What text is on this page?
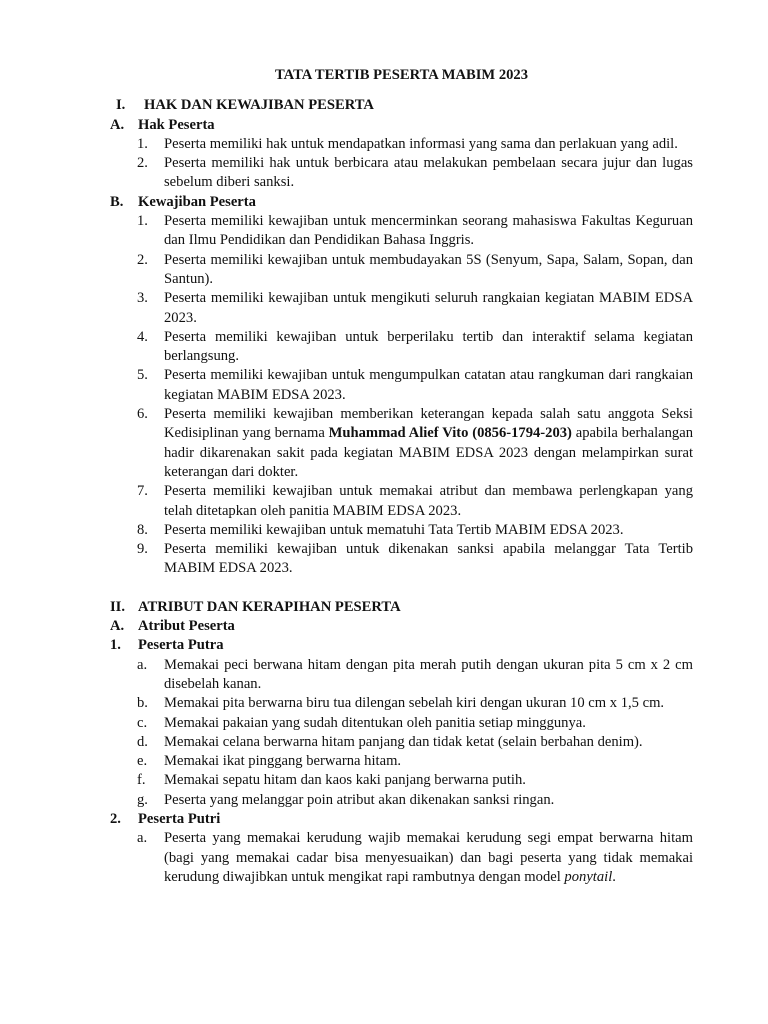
TATA TERTIB PESERTA MABIM 2023
I.	HAK DAN KEWAJIBAN PESERTA
A. Hak Peserta
1.	Peserta memiliki hak untuk mendapatkan informasi yang sama dan perlakuan yang adil.
2.	Peserta memiliki hak untuk berbicara atau melakukan pembelaan secara jujur dan lugas sebelum diberi sanksi.
B.	Kewajiban Peserta
1.	Peserta memiliki kewajiban untuk mencerminkan seorang mahasiswa Fakultas Keguruan dan Ilmu Pendidikan dan Pendidikan Bahasa Inggris.
2.	Peserta memiliki kewajiban untuk membudayakan 5S (Senyum, Sapa, Salam, Sopan, dan Santun).
3.	Peserta memiliki kewajiban untuk mengikuti seluruh rangkaian kegiatan MABIM EDSA 2023.
4.	Peserta memiliki kewajiban untuk berperilaku tertib dan interaktif selama kegiatan berlangsung.
5.	Peserta memiliki kewajiban untuk mengumpulkan catatan atau rangkuman dari rangkaian kegiatan MABIM EDSA 2023.
6.	Peserta memiliki kewajiban memberikan keterangan kepada salah satu anggota Seksi Kedisiplinan yang bernama Muhammad Alief Vito (0856-1794-203) apabila berhalangan hadir dikarenakan sakit pada kegiatan MABIM EDSA 2023 dengan melampirkan surat keterangan dari dokter.
7.	Peserta memiliki kewajiban untuk memakai atribut dan membawa perlengkapan yang telah ditetapkan oleh panitia MABIM EDSA 2023.
8.	Peserta memiliki kewajiban untuk mematuhi Tata Tertib MABIM EDSA 2023.
9.	Peserta memiliki kewajiban untuk dikenakan sanksi apabila melanggar Tata Tertib MABIM EDSA 2023.
II. ATRIBUT DAN KERAPIHAN PESERTA
A. Atribut Peserta
1.	Peserta Putra
a.	Memakai peci berwana hitam dengan pita merah putih dengan ukuran pita 5 cm x 2 cm disebelah kanan.
b.	Memakai pita berwarna biru tua dilengan sebelah kiri dengan ukuran 10 cm x 1,5 cm.
c.	Memakai pakaian yang sudah ditentukan oleh panitia setiap minggunya.
d.	Memakai celana berwarna hitam panjang dan tidak ketat (selain berbahan denim).
e.	Memakai ikat pinggang berwarna hitam.
f.	Memakai sepatu hitam dan kaos kaki panjang berwarna putih.
g.	Peserta yang melanggar poin atribut akan dikenakan sanksi ringan.
2.	Peserta Putri
a.	Peserta yang memakai kerudung wajib memakai kerudung segi empat berwarna hitam (bagi yang memakai cadar bisa menyesuaikan) dan bagi peserta yang tidak memakai kerudung diwajibkan untuk mengikat rapi rambutnya dengan model ponytail.
